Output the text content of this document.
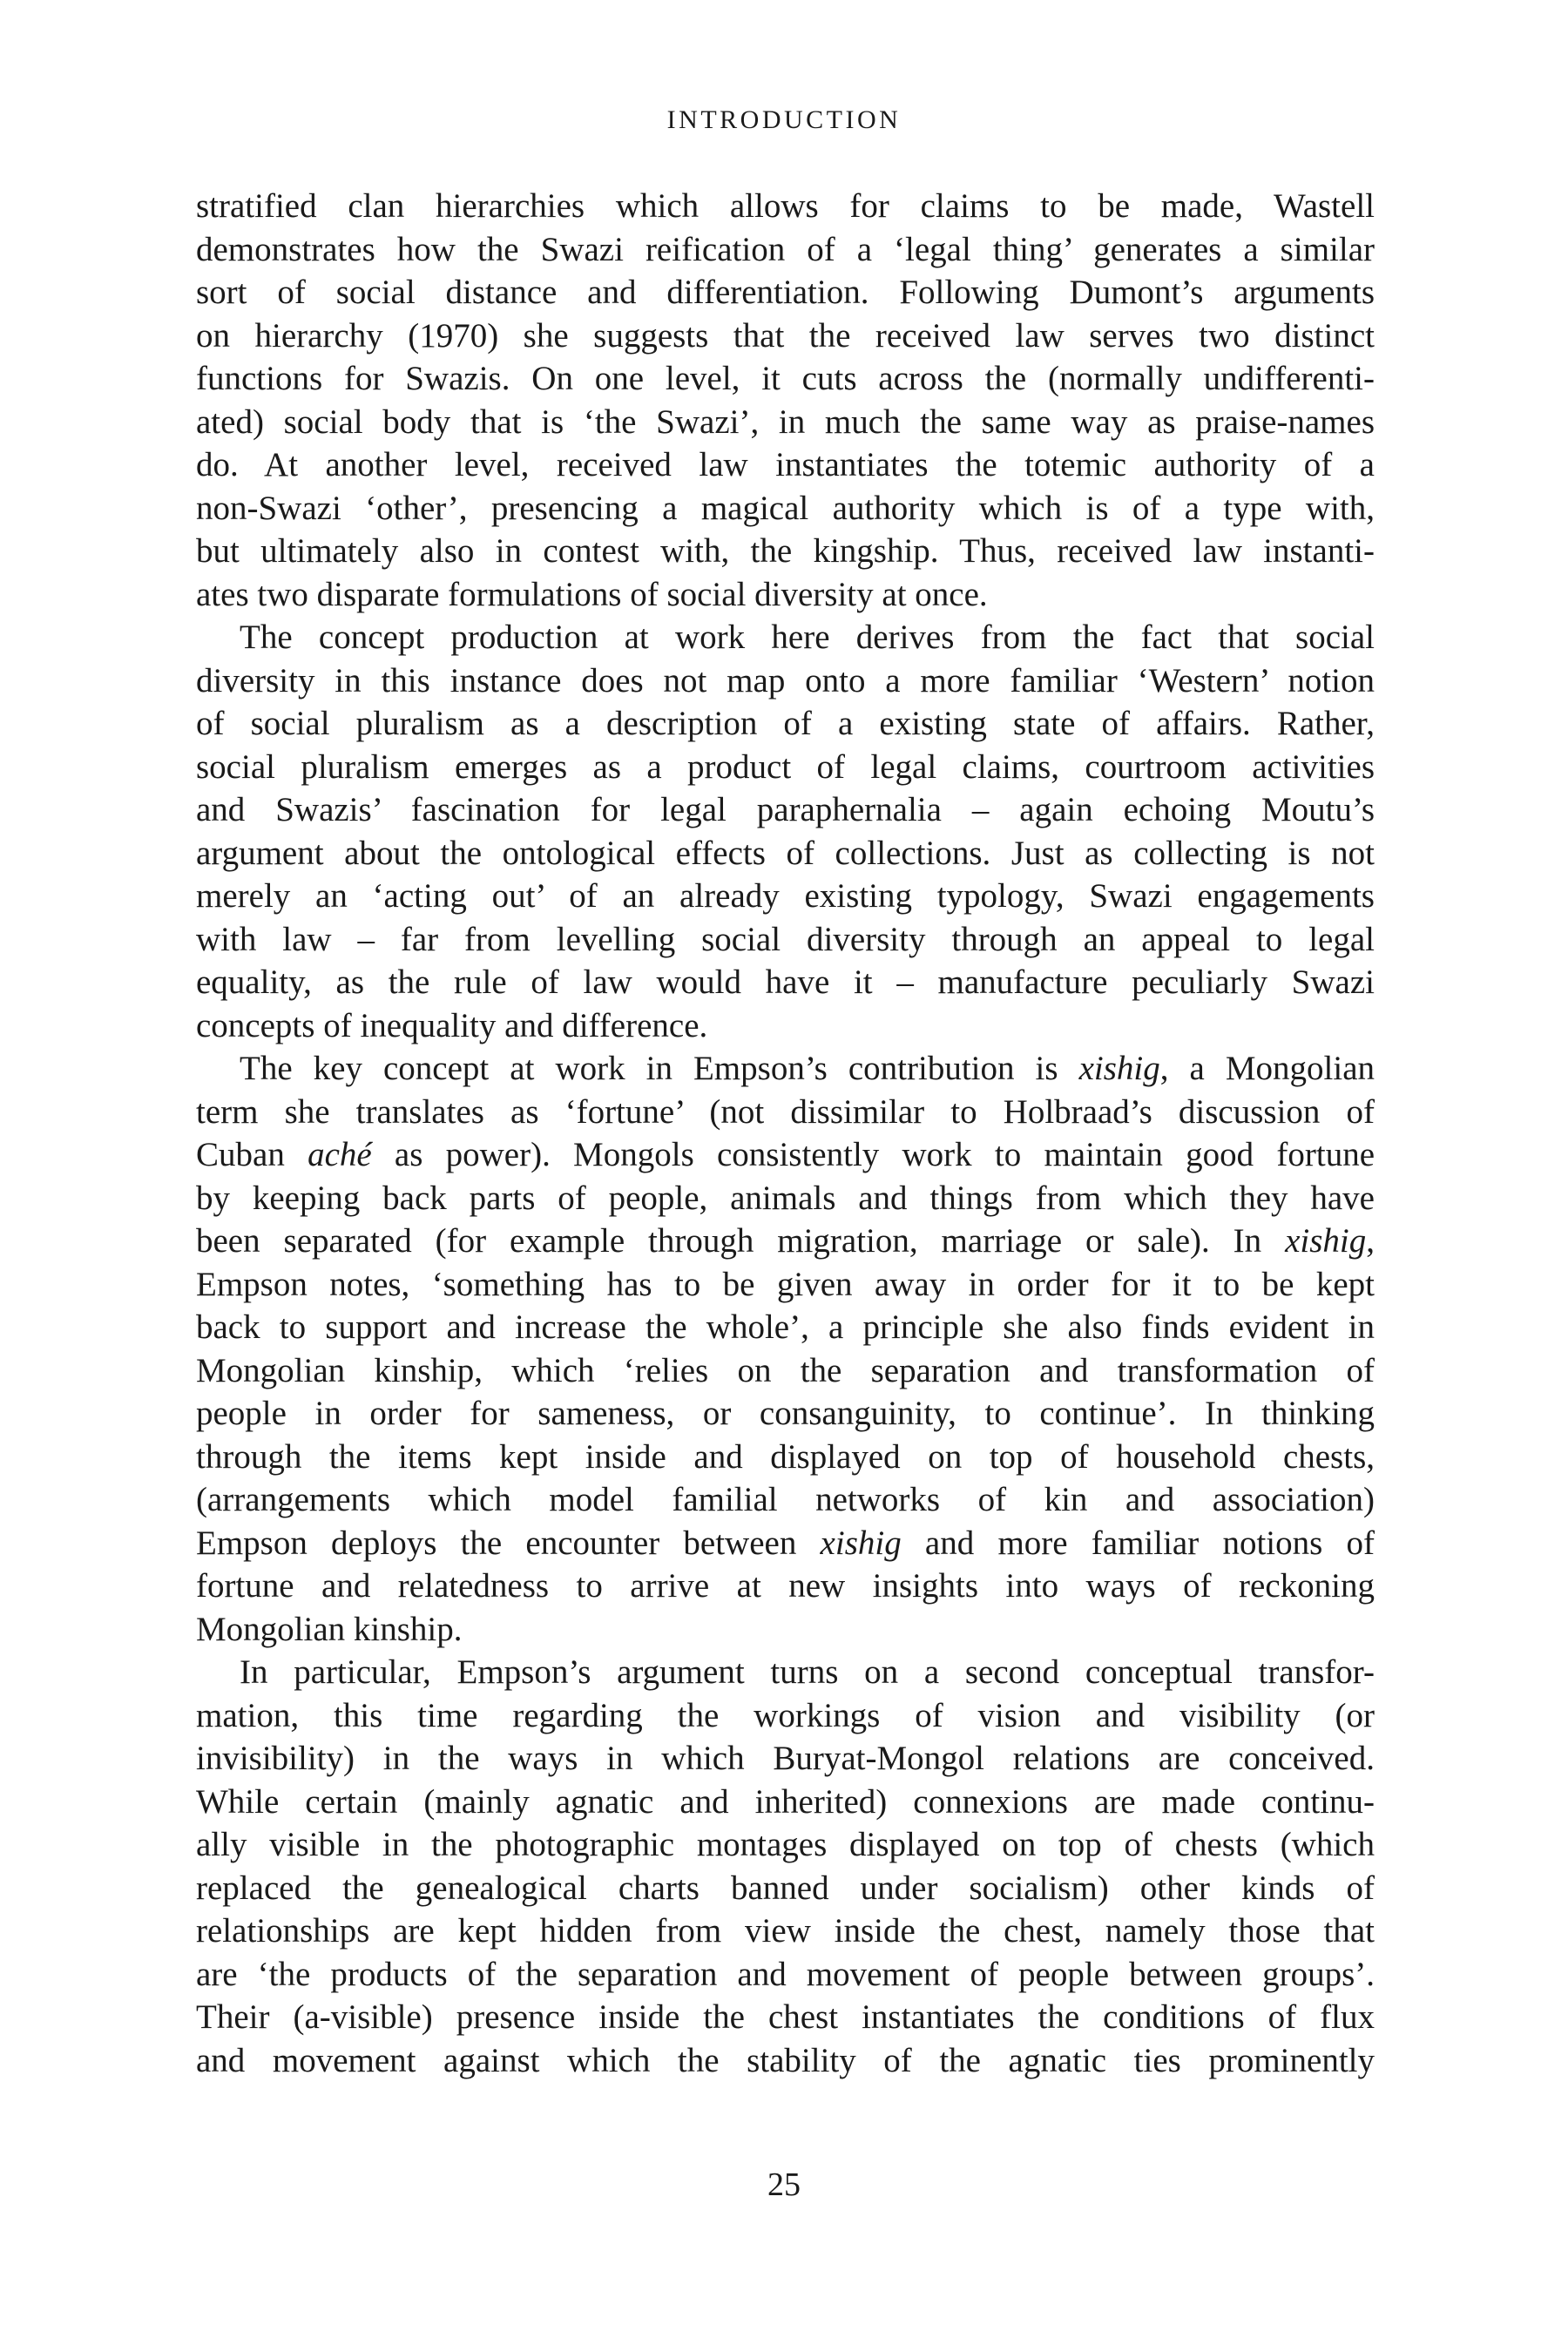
INTRODUCTION
stratified clan hierarchies which allows for claims to be made, Wastell
demonstrates how the Swazi reification of a ‘legal thing’ generates a similar
sort of social distance and differentiation. Following Dumont’s arguments
on hierarchy (1970) she suggests that the received law serves two distinct
functions for Swazis. On one level, it cuts across the (normally undifferenti-
ated) social body that is ‘the Swazi’, in much the same way as praise-names
do. At another level, received law instantiates the totemic authority of a
non-Swazi ‘other’, presencing a magical authority which is of a type with,
but ultimately also in contest with, the kingship. Thus, received law instanti-
ates two disparate formulations of social diversity at once.
The concept production at work here derives from the fact that social
diversity in this instance does not map onto a more familiar ‘Western’ notion
of social pluralism as a description of a existing state of affairs. Rather,
social pluralism emerges as a product of legal claims, courtroom activities
and Swazis’ fascination for legal paraphernalia – again echoing Moutu’s
argument about the ontological effects of collections. Just as collecting is not
merely an ‘acting out’ of an already existing typology, Swazi engagements
with law – far from levelling social diversity through an appeal to legal
equality, as the rule of law would have it – manufacture peculiarly Swazi
concepts of inequality and difference.
The key concept at work in Empson’s contribution is xishig, a Mongolian
term she translates as ‘fortune’ (not dissimilar to Holbraad’s discussion of
Cuban aché as power). Mongols consistently work to maintain good fortune
by keeping back parts of people, animals and things from which they have
been separated (for example through migration, marriage or sale). In xishig,
Empson notes, ‘something has to be given away in order for it to be kept
back to support and increase the whole’, a principle she also finds evident in
Mongolian kinship, which ‘relies on the separation and transformation of
people in order for sameness, or consanguinity, to continue’. In thinking
through the items kept inside and displayed on top of household chests,
(arrangements which model familial networks of kin and association)
Empson deploys the encounter between xishig and more familiar notions of
fortune and relatedness to arrive at new insights into ways of reckoning
Mongolian kinship.
In particular, Empson’s argument turns on a second conceptual transfor-
mation, this time regarding the workings of vision and visibility (or
invisibility) in the ways in which Buryat-Mongol relations are conceived.
While certain (mainly agnatic and inherited) connexions are made continu-
ally visible in the photographic montages displayed on top of chests (which
replaced the genealogical charts banned under socialism) other kinds of
relationships are kept hidden from view inside the chest, namely those that
are ‘the products of the separation and movement of people between groups’.
Their (a-visible) presence inside the chest instantiates the conditions of flux
and movement against which the stability of the agnatic ties prominently
25
